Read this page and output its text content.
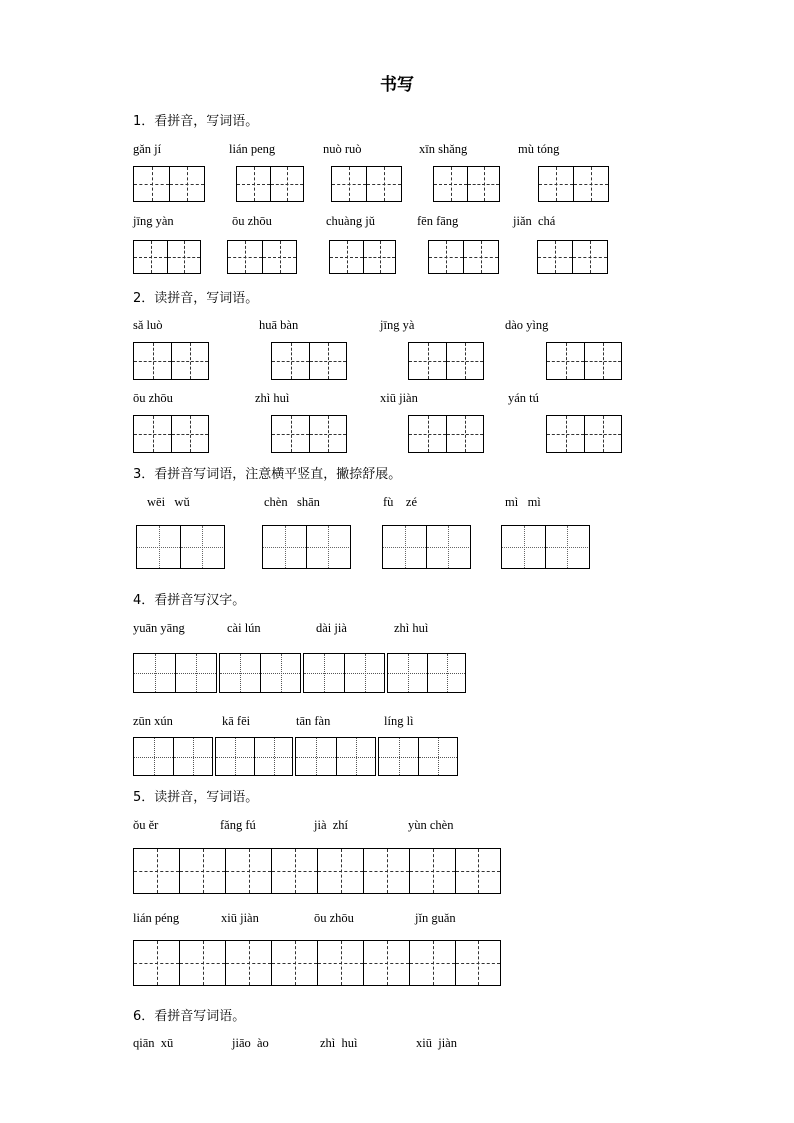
书写
1．看拼音，写词语。
gǎn jí	lián peng	nuò ruò	xīn shǎng	mù tóng
jīng yàn	ōu zhōu	chuàng jǔ	fēn fāng	jiǎn  chá
2．读拼音，写词语。
sǎ luò	huā bàn	jīng yà	dào yìng
ōu zhōu	zhì huì	xiū jiàn	yán tú
3．看拼音写词语，注意横平竖直，撇捺舒展。
wēi   wǔ	chèn   shān	fù    zé	mì   mì
4．看拼音写汉字。
yuān yāng	cài lún	dài jià	zhì huì
zūn xún	kā fēi	tān fàn	líng lì
5．读拼音，写词语。
ǒu ěr	fǎng fú	jià  zhí	yùn chèn
lián péng	xiū jiàn	ōu zhōu	jǐn guǎn
6．看拼音写词语。
qiān  xū	jiāo  ào	zhì  huì	xiū  jiàn
